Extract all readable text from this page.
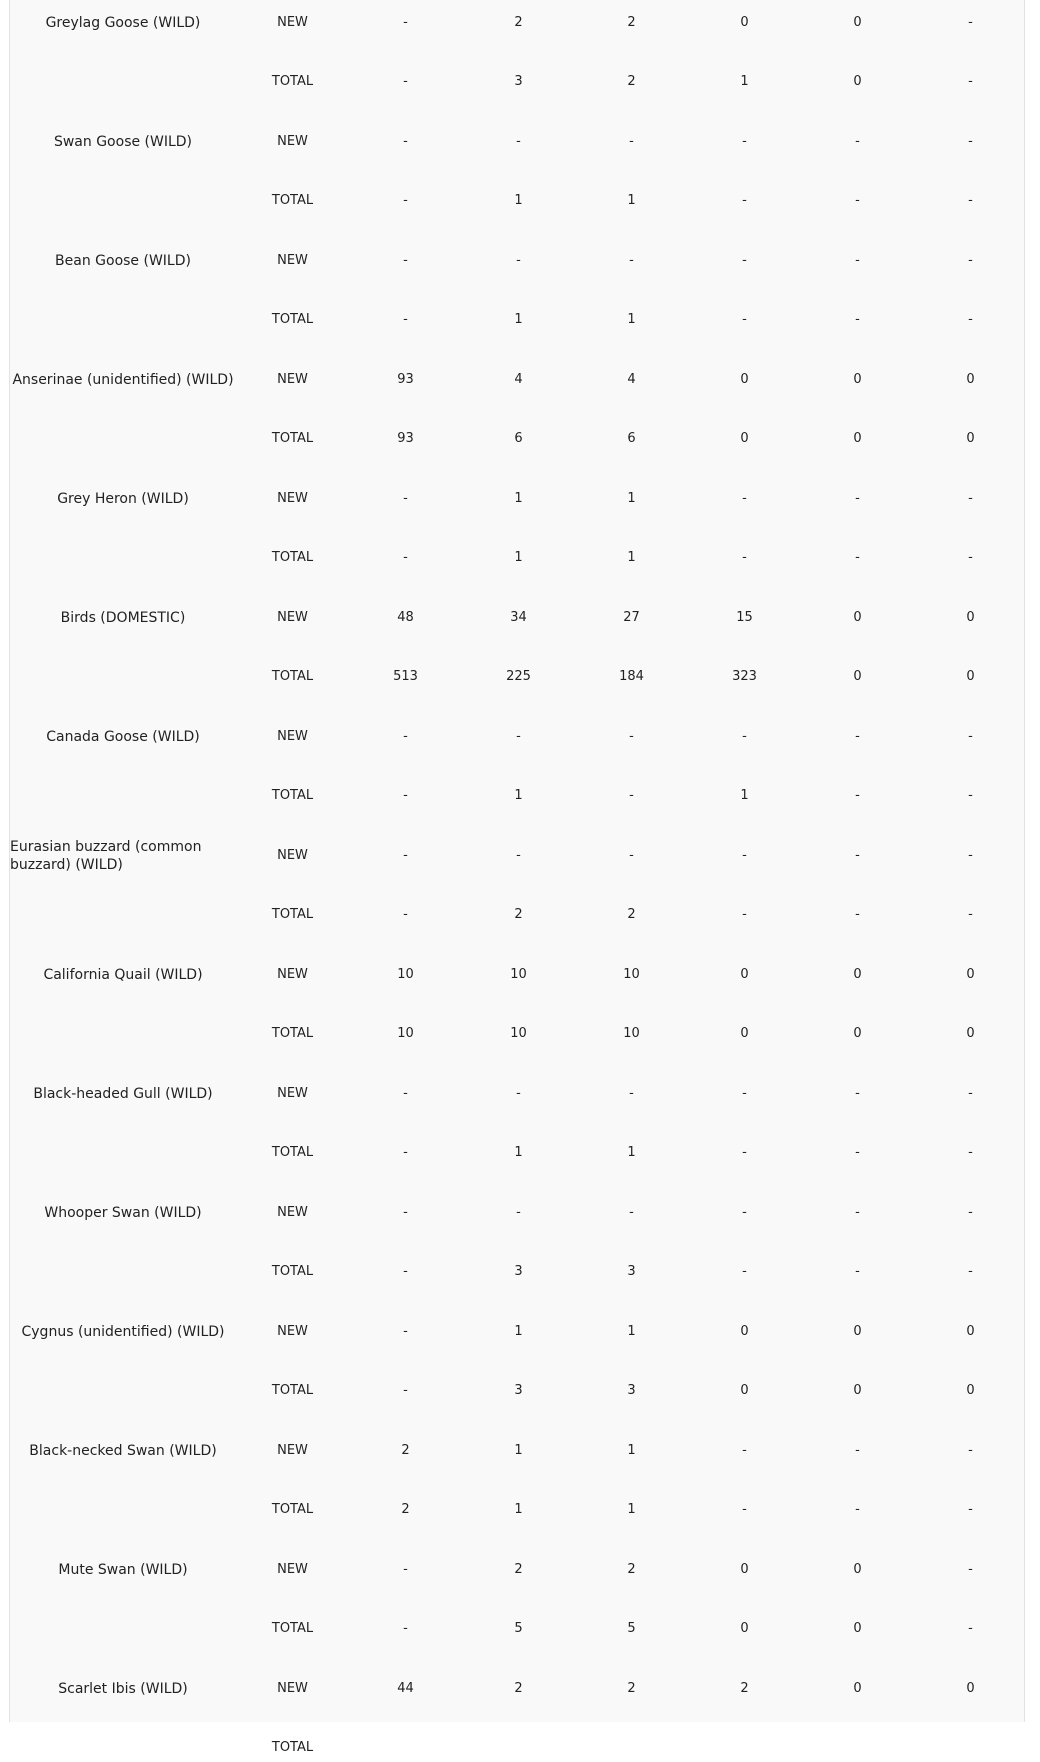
Greylag Goose (WILD)	NEW	-	2	2	0	0	-
TOTAL	-	3	2	1	0	-
Swan Goose (WILD)	NEW	-	-	-	-	-	-
TOTAL	-	1	1	-	-	-
Bean Goose (WILD)	NEW	-	-	-	-	-	-
TOTAL	-	1	1	-	-	-
Anserinae (unidentified) (WILD)	NEW	93	4	4	0	0	0
TOTAL	93	6	6	0	0	0
Grey Heron (WILD)	NEW	-	1	1	-	-	-
TOTAL	-	1	1	-	-	-
Birds (DOMESTIC)	NEW	48	34	27	15	0	0
TOTAL	513	225	184	323	0	0
Canada Goose (WILD)	NEW	-	-	-	-	-	-
TOTAL	-	1	-	1	-	-
Eurasian buzzard (common buzzard) (WILD)
NEW	-	-	-	-	-	-
TOTAL	-	2	2	-	-	-
California Quail (WILD)	NEW	10	10	10	0	0	0
TOTAL	10	10	10	0	0	0
Black-headed Gull (WILD)	NEW	-	-	-	-	-	-
TOTAL	-	1	1	-	-	-
Whooper Swan (WILD)	NEW	-	-	-	-	-	-
TOTAL	-	3	3	-	-	-
Cygnus (unidentified) (WILD)	NEW	-	1	1	0	0	0
TOTAL	-	3	3	0	0	0
Black-necked Swan (WILD)	NEW	2	1	1	-	-	-
TOTAL	2	1	1	-	-	-
Mute Swan (WILD)	NEW	-	2	2	0	0	-
TOTAL	-	5	5	0	0	-
Scarlet Ibis (WILD)	NEW	44	2	2	2	0	0
TOTAL
